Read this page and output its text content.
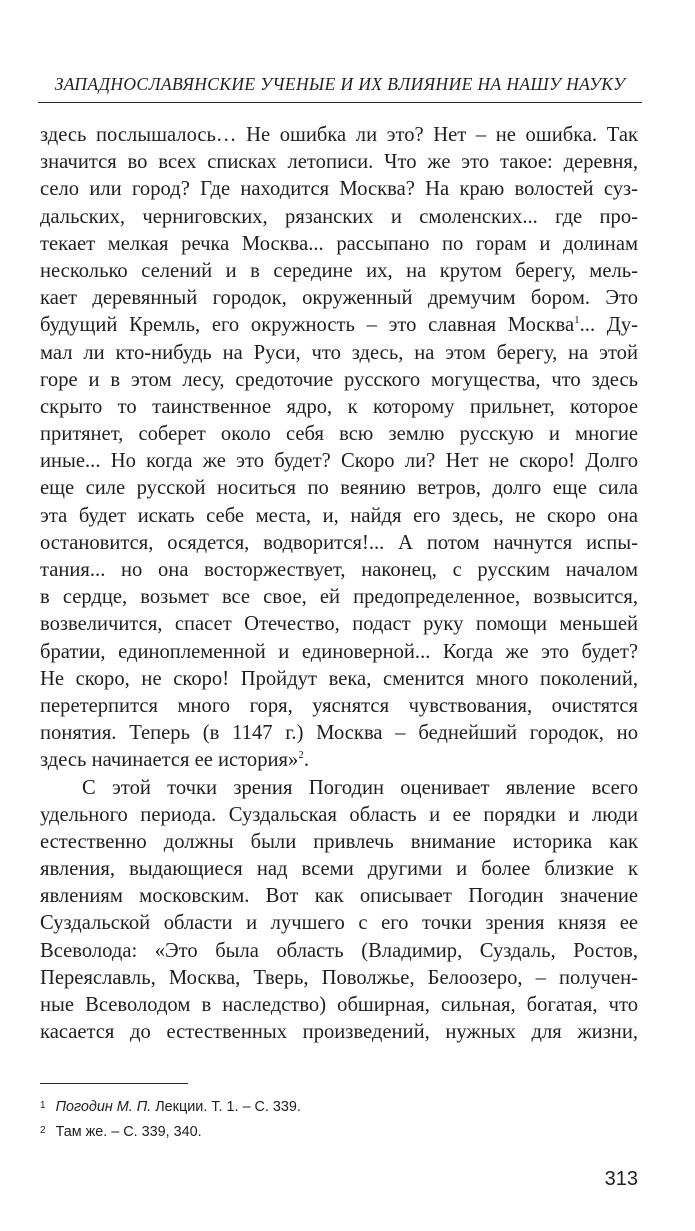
ЗАПАДНОСЛАВЯНСКИЕ УЧЕНЫЕ И ИХ ВЛИЯНИЕ НА НАШУ НАУКУ
здесь послышалось… Не ошибка ли это? Нет – не ошибка. Так
значится во всех списках летописи. Что же это такое: деревня,
село или город? Где находится Москва? На краю волостей суз-
дальских, черниговских, рязанских и смоленских... где про-
текает мелкая речка Москва... рассыпано по горам и долинам
несколько селений и в середине их, на крутом берегу, мель-
кает деревянный городок, окруженный дремучим бором. Это
будущий Кремль, его окружность – это славная Москва$^1$... Ду-
мал ли кто-нибудь на Руси, что здесь, на этом берегу, на этой
горе и в этом лесу, средоточие русского могущества, что здесь
скрыто то таинственное ядро, к которому прильнет, которое
притянет, соберет около себя всю землю русскую и многие
иные... Но когда же это будет? Скоро ли? Нет не скоро! Долго
еще силе русской носиться по веянию ветров, долго еще сила
эта будет искать себе места, и, найдя его здесь, не скоро она
остановится, осядется, водворится!... А потом начнутся испы-
тания... но она восторжествует, наконец, с русским началом
в сердце, возьмет все свое, ей предопределенное, возвысится,
возвеличится, спасет Отечество, подаст руку помощи меньшей
братии, единоплеменной и единоверной... Когда же это будет?
Не скоро, не скоро! Пройдут века, сменится много поколений,
перетерпится много горя, уяснятся чувствования, очистятся
понятия. Теперь (в 1147 г.) Москва – беднейший городок, но
здесь начинается ее история»$^2$.
С этой точки зрения Погодин оценивает явление всего
удельного периода. Суздальская область и ее порядки и люди
естественно должны были привлечь внимание историка как
явления, выдающиеся над всеми другими и более близкие к
явлениям московским. Вот как описывает Погодин значение
Суздальской области и лучшего с его точки зрения князя ее
Всеволода: «Это была область (Владимир, Суздаль, Ростов,
Переяславль, Москва, Тверь, Поволжье, Белоозеро, – получен-
ные Всеволодом в наследство) обширная, сильная, богатая, что
касается до естественных произведений, нужных для жизни,
$^1$ Погодин М. П. Лекции. Т. 1. – С. 339.
$^2$ Там же. – С. 339, 340.
313
